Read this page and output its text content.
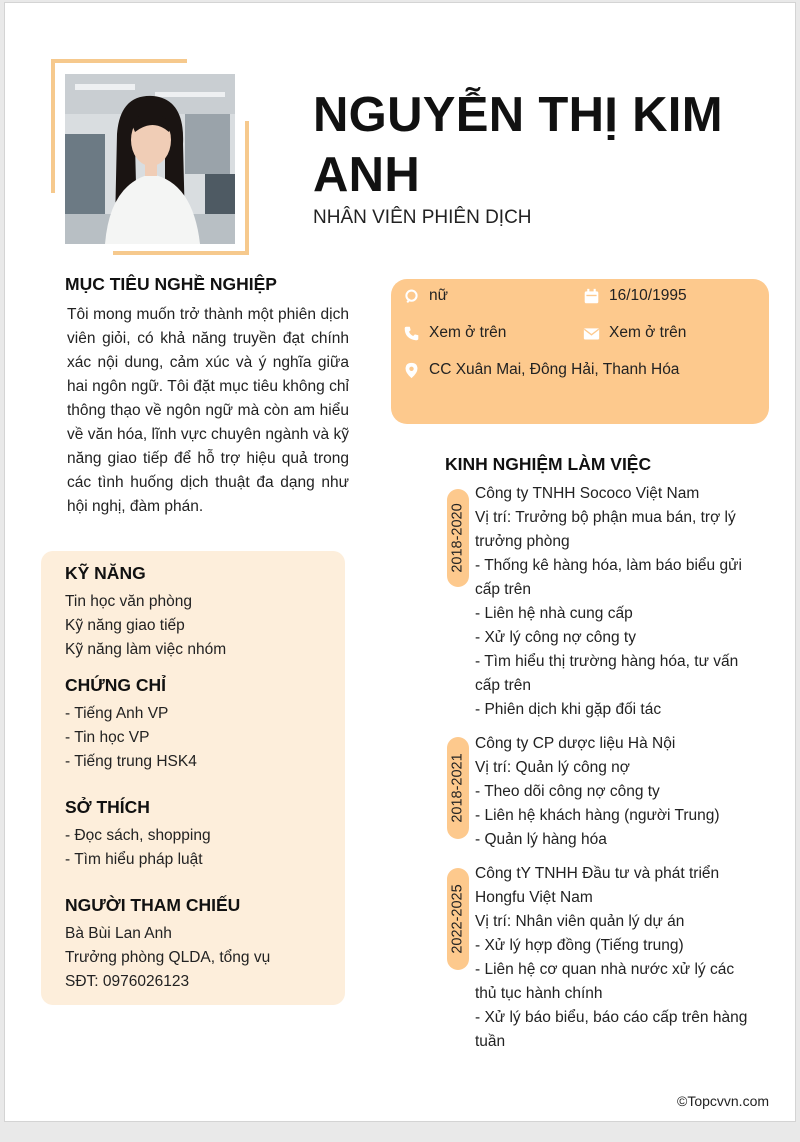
NGUYỄN THỊ KIM ANH
NHÂN VIÊN PHIÊN DỊCH
MỤC TIÊU NGHỀ NGHIỆP
Tôi mong muốn trở thành một phiên dịch viên giỏi, có khả năng truyền đạt chính xác nội dung, cảm xúc và ý nghĩa giữa hai ngôn ngữ. Tôi đặt mục tiêu không chỉ thông thạo về ngôn ngữ mà còn am hiểu về văn hóa, lĩnh vực chuyên ngành và kỹ năng giao tiếp để hỗ trợ hiệu quả trong các tình huống dịch thuật đa dạng như hội nghị, đàm phán.
nữ	16/10/1995
Xem ở trên	Xem ở trên
CC Xuân Mai, Đông Hải, Thanh Hóa
KỸ NĂNG
Tin học văn phòng
Kỹ năng giao tiếp
Kỹ năng làm việc nhóm
CHỨNG CHỈ
- Tiếng Anh VP
- Tin học VP
- Tiếng trung HSK4
SỞ THÍCH
- Đọc sách, shopping
- Tìm hiểu pháp luật
NGƯỜI THAM CHIẾU
Bà Bùi Lan Anh
Trưởng phòng QLDA, tổng vụ
SĐT: 0976026123
KINH NGHIỆM LÀM VIỆC
2018-2020
Công ty TNHH Sococo Việt Nam
Vị trí: Trưởng bộ phận mua bán, trợ lý trưởng phòng
- Thống kê hàng hóa, làm báo biểu gửi cấp trên
- Liên hệ nhà cung cấp
- Xử lý công nợ công ty
- Tìm hiểu thị trường hàng hóa, tư vấn cấp trên
- Phiên dịch khi gặp đối tác
2018-2021
Công ty CP dược liệu Hà Nội
Vị trí: Quản lý công nợ
- Theo dõi công nợ công ty
- Liên hệ khách hàng (người Trung)
- Quản lý hàng hóa
2022-2025
Công tY TNHH Đầu tư và phát triển Hongfu Việt Nam
Vị trí: Nhân viên quản lý dự án
- Xử lý hợp đồng (Tiếng trung)
- Liên hệ cơ quan nhà nước xử lý các thủ tục hành chính
- Xử lý báo biểu, báo cáo cấp trên hàng tuần
©Topcvvn.com
